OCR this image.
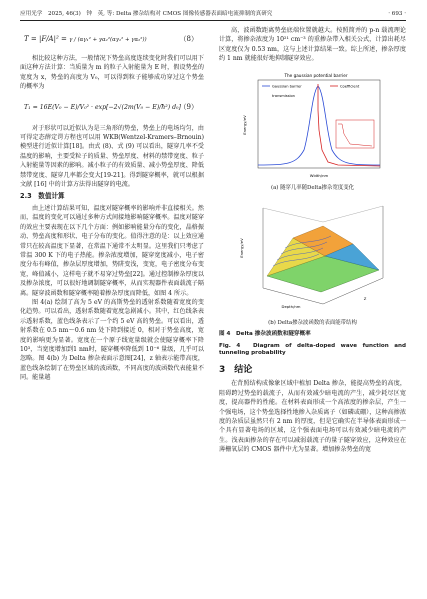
应用光学　2025, 46(3)　钟　英, 等: Delta 掺杂结构对 CMOS 图像传感器表面暗电流抑制的真研究	· 693 ·
T = |F/A|² = γ / (αγ₁² + γα₂²(αγ₁² + γα₂²))	（8）

相比较这种方法，一般情况下势垒高度连续变化时我们可以用下面这种方法计算：当质量为 m 的粒子入射能量为 E 时，假设势垒的宽度为 x，势垒的高度为 V₀，可以得到粒子能够成功穿过这个势垒的概率为

T₁ = 16E(V₀ − E)/V₀² · exp[−2√(2m(V₀ − E)/ħ²) d₀]
（9）

对于形状可以近似认为是三角形的势垒，势垒上的电场均匀，由可得定态薛定谔方程也可以用 WKB(Wentzel-Kramers–Brnouin) 模型进行近似计算[18]。由式 (8)、式 (9) 可以看出，隧穿几率不受温度的影响，主要受粒子的质量、势垒厚度、材料的禁带宽度、粒子入射能量等因素的影响。减小粒子的有效质量、减小势垒厚度、降低禁带宽度、隧穿几率都会变大[19-21]。得到隧穿概率，就可以根据文献 [16] 中的计算方法得出隧穿的电流。

2.3　数值计算

由上述计算结果可知，温度对隧穿概率的影响并非直接相关。然而，温度的变化可以通过多种方式间接地影响隧穿概率。温度对隧穿的效应主要表现在以下几个方面：例如影响能量分布的变化，晶格振动、势垒高度和形状、电子分布的变化。值得注意的是：以上效应通常只在较高温度下显著，在常温下通常不太明显。这里我们只考虑了常温 300 K 下的电子热能。掺杂浓度增加，隧穿宽度减小，电子密度分布有峰值，掺杂层厚度增加，势阱变浅，变宽，电子密度分布变宽，峰值减小，这样电子就不易穿过势垒[22]。通过控制掺杂厚度以及掺杂浓度，可以很好地调制隧穿概率，从而实现器件表面载流子隔离。隧穿波函数和隧穿概率随着掺杂厚度而降低，如图 4 所示。

图 4(a) 绘制了高为 5 eV 的高斯势垒的透射系数随着宽度的变化趋势。可以看出，透射系数随着宽度急剧减小。其中，红色线条表示透射系数，蓝色线条表示了一个约 5 eV 高的势垒。可以看出，透射系数在 0.5 nm～0.6 nm 处下降到接近 0，相对于势垒高度，宽度的影响更为显著。宽度在一个原子线宽量级就会使隧穿概率下降 10³，当宽度增加到1 nm时，隧穿概率降低到 10⁻⁶ 量级，几乎可以忽略。图 4(b) 为 Delta 掺杂表面示意图[24]，z 轴表示能带高度，蓝色线条绘制了在势垒区域的波函数，不同高度的波函数代表能量不同。能量越

高，波函数距离势垒底端位置就越大。按照简并的 p-n 载流理论计算，将掺杂浓度为 10²¹ cm⁻³ 的重掺杂带入相关公式，计算出耗尽区宽度仅为 0.53 nm，这与上述计算结果一致。综上所述，掺杂厚度约 1 nm 就能很好地抑制隧穿效应。

The gaussian potential barrier
Gaussian barrier
transmission
Coefficient
Energy/eV
Width/nm
(a) 隧穿几率随Delta掺杂宽度变化
Energy/eV
Depth/nm
Z
(b) Delta掺杂波函数的表面能带结构
图 4　Delta 掺杂波函数和隧穿概率
Fig. 4　Diagram of delta-doped wave function and tunneling probability
3　结论

在背照结构成像象区域中植加 Delta 掺杂，能提高势垒的高度，阻碍跨过势垒的载流子，从而有效减少暗电流的产生，减少耗尽区宽度，提高器件的性能。在材料表面形成一个高浓度的掺杂层，产生一个强电场，这个势垒选择性地掺入杂质离子（如磷或硼），这种高掺浓度的杂质层虽然只有 2 nm 的厚度，但是它确实在半导体表面形成一个具有显著电场的区域，这个强表面电场可以有效减少暗电流的产生。浅表面掺杂的存在可以减弱载流子的量子隧穿效应，这种效应在薄栅氧层的 CMOS 器件中尤为显著。增加掺杂势垒的宽
